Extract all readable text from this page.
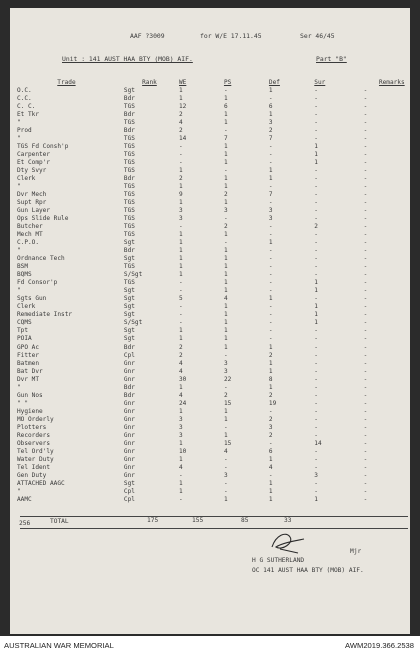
AAF ?3009	for W/E 17.11.45	Ser 46/45
Unit : 141 AUST HAA BTY (MOB) AIF.	Part "B"
Trade	Rank	WE	PS	Def	Sur	Remarks
O.C.	Sgt	1	-	1	-	-
C.C.	Bdr	1	1	-	-	-
C. C.	TGS	12	6	6	-	-
Et Tkr	Bdr	2	1	1	-	-
"	TGS	4	1	3	-	-
Prod	Bdr	2	-	2	-	-
"	TGS	14	7	7	-	-
TGS Fd Consh'p	TGS	-	1	-	1	-
Carpenter	TGS	-	1	-	1	-
Et Comp'r	TGS	-	1	-	1	-
Dty Svyr	TGS	1	-	1	-	-
Clerk	Bdr	2	1	1	-	-
"	TGS	1	1	-	-	-
Dvr Mech	TGS	9	2	7	-	-
Supt Rpr	TGS	1	1	-	-	-
Gun Layer	TGS	3	3	3	-	-
Ops Slide Rule	TGS	3	-	3	-	-
Butcher	TGS	-	2	-	2	-
Mech MT	TGS	1	1	-	-	-
C.P.O.	Sgt	1	-	1	-	-
"	Bdr	1	1	-	-	-
Ordnance Tech	Sgt	1	1	-	-	-
BSM	TGS	1	1	-	-	-
BQMS	S/Sgt	1	1	-	-	-
Fd Consor'p	TGS	-	1	-	1	-
"	Sgt	-	1	-	1	-
Sgts Gun	Sgt	5	4	1	-	-
Clerk	Sgt	-	1	-	1	-
Remediate Instr	Sgt	-	1	-	1	-
CQMS	S/Sgt	-	1	-	1	-
Tpt	Sgt	1	1	-	-	-
POIA	Sgt	1	1	-	-	-
GPO Ac	Bdr	2	1	1	-	-
Fitter	Cpl	2	-	2	-	-
Batmen	Gnr	4	3	1	-	-
Bat Dvr	Gnr	4	3	1	-	-
Dvr MT	Gnr	30	22	8	-	-
"	Bdr	1	-	1	-	-
Gun Nos	Bdr	4	2	2	-	-
" "	Gnr	24	15	19	-	-
Hygiene	Gnr	1	1	-	-	-
MO Orderly	Gnr	3	1	2	-	-
Plotters	Gnr	3	-	3	-	-
Recorders	Gnr	3	1	2	-	-
Observers	Gnr	1	15	-	14	-
Tel Ord'ly	Gnr	10	4	6	-	-
Water Duty	Gnr	1	-	1	-	-
Tel Ident	Gnr	4	-	4	-	-
Gen Duty	Gnr	-	3	-	3	-
ATTACHED AAGC	Sgt	1	-	1	-	-
"	Cpl	1	-	1	-	-
AAMC	Cpl	-	1	1	1	-
256	TOTAL	175	155	85	33
Mjr
H G SUTHERLAND
OC 141 AUST HAA BTY (MOB) AIF.
AUSTRALIAN WAR MEMORIAL	AWM2019.366.2538
